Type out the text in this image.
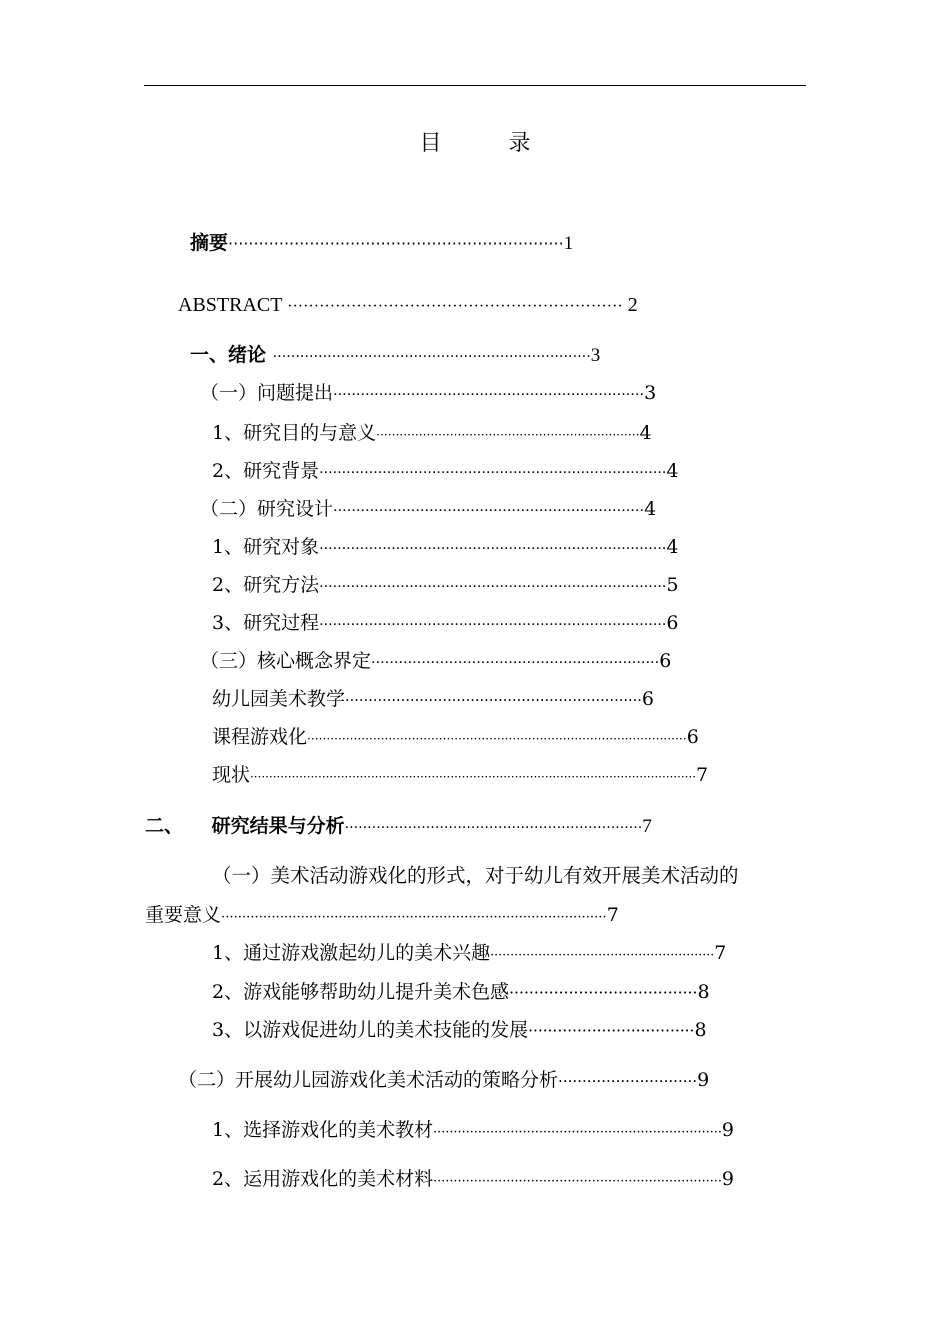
目 录
摘要··································································1
ABSTRACT ······························································· 2
一、绪论 ······································································3
（一）问题提出····································································3
1、研究目的与意义····································································4
2、研究背景·············································································4
（二）研究设计····································································4
1、研究对象·············································································4
2、研究方法·············································································5
3、研究过程·············································································6
（三）核心概念界定·······························································6
幼儿园美术教学································································6
课程游戏化··································································································6
现状······················································································································7
二、 研究结果与分析··································································7
（一）美术活动游戏化的形式，对于幼儿有效开展美术活动的
重要意义····························································································7
1、通过游戏激起幼儿的美术兴趣························································7
2、游戏能够帮助幼儿提升美术色感······································8
3、以游戏促进幼儿的美术技能的发展··································8
（二）开展幼儿园游戏化美术活动的策略分析·····························9
1、选择游戏化的美术教材·······································································9
2、运用游戏化的美术材料·······································································9
